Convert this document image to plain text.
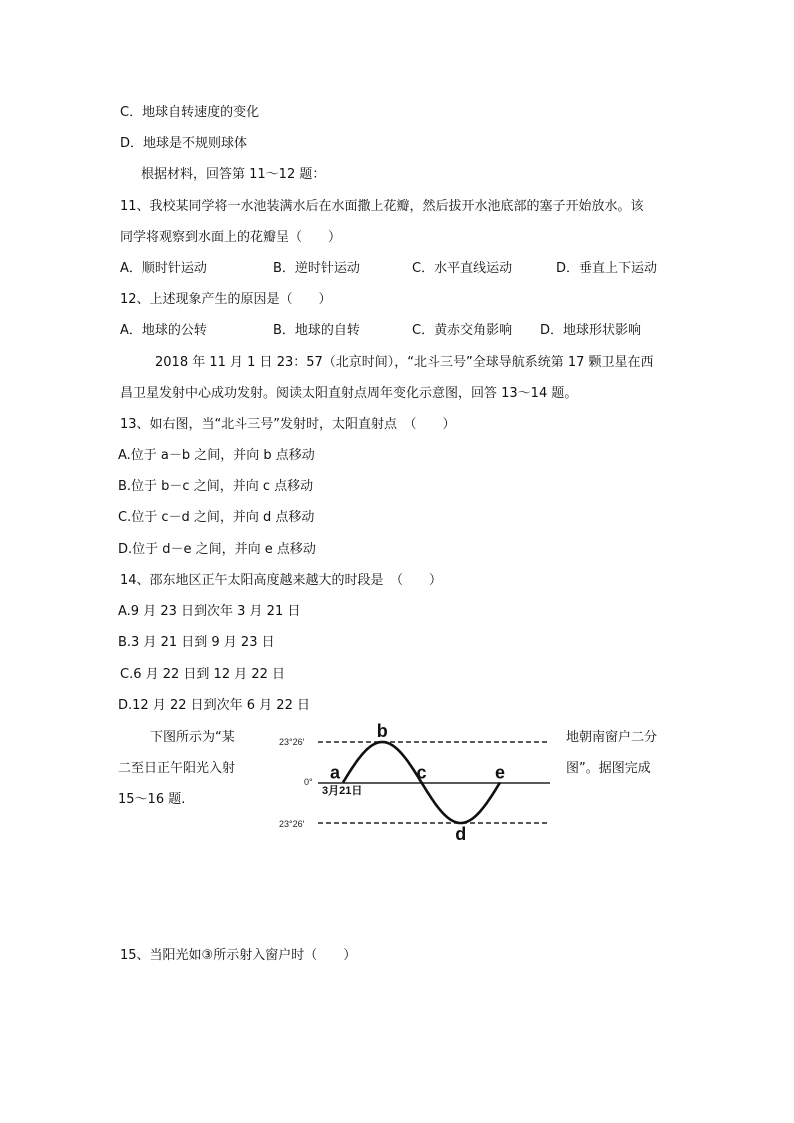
C．地球自转速度的变化
D．地球是不规则球体
根据材料，回答第 11～12 题：
11、我校某同学将一水池装满水后在水面撒上花瓣，然后拔开水池底部的塞子开始放水。该
同学将观察到水面上的花瓣呈（　　）
A．顺时针运动	B．逆时针运动	C．水平直线运动	D．垂直上下运动
12、上述现象产生的原因是（　　）
A．地球的公转	B．地球的自转	C．黄赤交角影响 D．地球形状影响
2018 年 11 月 1 日 23：57（北京时间），“北斗三号”全球导航系统第 17 颗卫星在西
昌卫星发射中心成功发射。阅读太阳直射点周年变化示意图，回答 13～14 题。
13、如右图，当“北斗三号”发射时，太阳直射点　（　　）
A.位于 a－b 之间，并向 b 点移动
B.位于 b－c 之间，并向 c 点移动
C.位于 c－d 之间，并向 d 点移动
D.位于 d－e 之间，并向 e 点移动
14、邵东地区正午太阳高度越来越大的时段是　（　　）
A.9 月 23 日到次年 3 月 21 日
B.3 月 21 日到 9 月 23 日
C.6 月 22 日到 12 月 22 日
D.12 月 22 日到次年 6 月 22 日
下图所示为“某
二至日正午阳光入射
15～16 题.
地朝南窗户二分
图”。据图完成
23°26′
0°
23°26′
3月21日
a
b
c
d
e
15、当阳光如③所示射入窗户时（　　）
